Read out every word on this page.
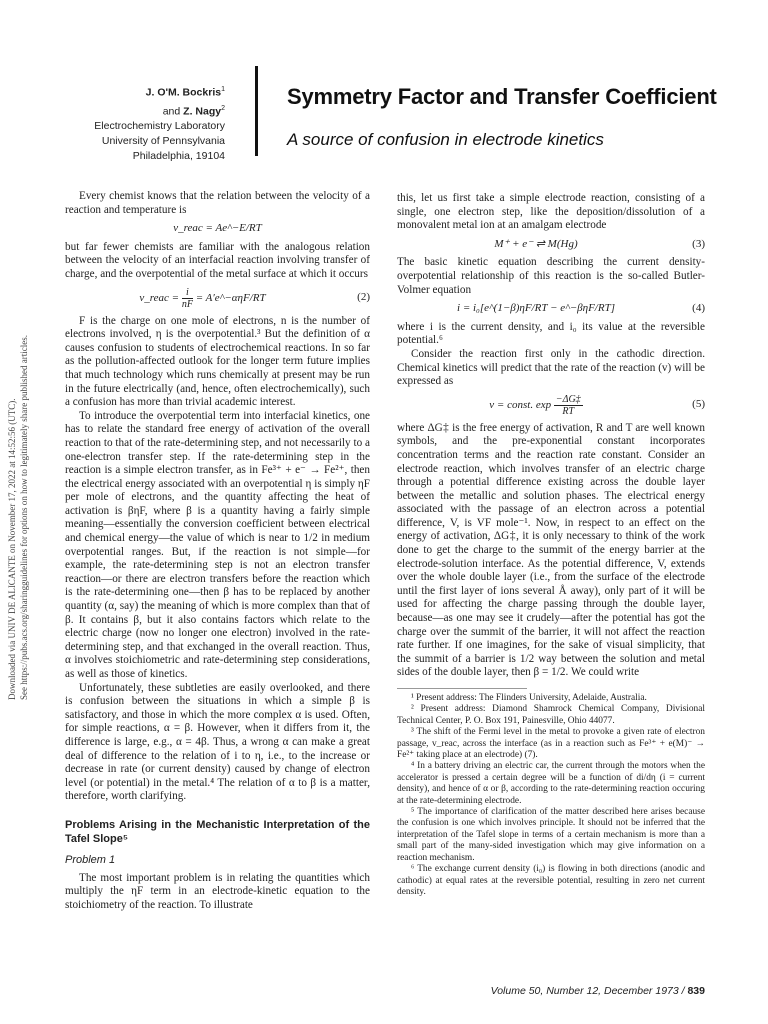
Downloaded via UNIV DE ALICANTE on November 17, 2022 at 14:52:56 (UTC). See https://pubs.acs.org/sharingguidelines for options on how to legitimately share published articles.
J. O'M. Bockris$^1$
and Z. Nagy$^2$
Electrochemistry Laboratory
University of Pennsylvania
Philadelphia, 19104
Symmetry Factor and Transfer Coefficient
A source of confusion in electrode kinetics

Every chemist knows that the relation between the velocity of a reaction and temperature is

v_reac = Ae^−E/RT

but far fewer chemists are familiar with the analogous relation between the velocity of an interfacial reaction involving transfer of charge, and the overpotential of the metal surface at which it occurs

v_reac = $\frac{i}{nF}$ = A′e^−αηF/RT	(2)

F is the charge on one mole of electrons, n is the number of electrons involved, η is the overpotential.³ But the definition of α causes confusion to students of electrochemical reactions. In so far as the pollution-affected outlook for the longer term future implies that much technology which runs chemically at present may be run in the future electrically (and, hence, often electrochemically), such a confusion has more than trivial academic interest.

To introduce the overpotential term into interfacial kinetics, one has to relate the standard free energy of activation of the overall reaction to that of the rate-determining step, and not necessarily to a one-electron transfer step. If the rate-determining step in the reaction is a simple electron transfer, as in Fe³⁺ + e⁻ → Fe²⁺, then the electrical energy associated with an overpotential η is simply ηF per mole of electrons, and the quantity affecting the heat of activation is βηF, where β is a quantity having a fairly simple meaning—essentially the conversion coefficient between electrical and chemical energy—the value of which is near to 1/2 in medium overpotential ranges. But, if the reaction is not simple—for example, the rate-determining step is not an electron transfer reaction—or there are electron transfers before the reaction which is the rate-determining one—then β has to be replaced by another quantity (α, say) the meaning of which is more complex than that of β. It contains β, but it also contains factors which relate to the electric charge (now no longer one electron) involved in the rate-determining step, and that exchanged in the overall reaction. Thus, α involves stoichiometric and rate-determining step considerations, as well as those of kinetics.

Unfortunately, these subtleties are easily overlooked, and there is confusion between the situations in which a simple β is satisfactory, and those in which the more complex α is used. Often, for simple reactions, α = β. However, when it differs from it, the difference is large, e.g., α = 4β. Thus, a wrong α can make a great deal of difference to the relation of i to η, i.e., to the increase or decrease in rate (or current density) caused by change of electron level (or potential) in the metal.⁴ The relation of α to β is a matter, therefore, worth clarifying.

Problems Arising in the Mechanistic Interpretation of the Tafel Slope⁵
Problem 1

The most important problem is in relating the quantities which multiply the ηF term in an electrode-kinetic equation to the stoichiometry of the reaction. To illustrate

this, let us first take a simple electrode reaction, consisting of a single, one electron step, like the deposition/dissolution of a monovalent metal ion at an amalgam electrode

M⁺ + e⁻ ⇌ M(Hg)	(3)

The basic kinetic equation describing the current density-overpotential relationship of this reaction is the so-called Butler-Volmer equation

i = i₀[e^(1−β)ηF/RT − e^−βηF/RT]	(4)

where i is the current density, and i₀ its value at the reversible potential.⁶

Consider the reaction first only in the cathodic direction. Chemical kinetics will predict that the rate of the reaction (v) will be expressed as

v = const. $\exp \frac{-\Delta G\ddagger}{RT}$	(5)

where ΔG‡ is the free energy of activation, R and T are well known symbols, and the pre-exponential constant incorporates concentration terms and the reaction rate constant. Consider an electrode reaction, which involves transfer of an electric charge through a potential difference existing across the double layer between the metallic and solution phases. The electrical energy associated with the passage of an electron across a potential difference, V, is VF mole⁻¹. Now, in respect to an effect on the energy of activation, ΔG‡, it is only necessary to think of the work done to get the charge to the summit of the energy barrier at the electrode-solution interface. As the potential difference, V, extends over the whole double layer (i.e., from the surface of the electrode until the first layer of ions several Å away), only part of it will be used for affecting the charge passing through the double layer, because—as one may see it crudely—after the potential has got the charge over the summit of the barrier, it will not affect the reaction rate further. If one imagines, for the sake of visual simplicity, that the summit of a barrier is 1/2 way between the solution and metal sides of the double layer, then β = 1/2. We could write

¹ Present address: The Flinders University, Adelaide, Australia.

² Present address: Diamond Shamrock Chemical Company, Divisional Technical Center, P. O. Box 191, Painesville, Ohio 44077.

³ The shift of the Fermi level in the metal to provoke a given rate of electron passage, v_reac, across the interface (as in a reaction such as Fe³⁺ + e(M)⁻ → Fe²⁺ taking place at an electrode) (7).

⁴ In a battery driving an electric car, the current through the motors when the accelerator is pressed a certain degree will be a function of di/dη (i = current density), and hence of α or β, according to the rate-determining reaction occuring at the rate-determining electrode.

⁵ The importance of clarification of the matter described here arises because the confusion is one which involves principle. It should not be inferred that the interpretation of the Tafel slope in terms of a certain mechanism is more than a small part of the many-sided investigation which may give information on a reaction mechanism.

⁶ The exchange current density (i₀) is flowing in both directions (anodic and cathodic) at equal rates at the reversible potential, resulting in zero net current density.

Volume 50, Number 12, December 1973 / 839
